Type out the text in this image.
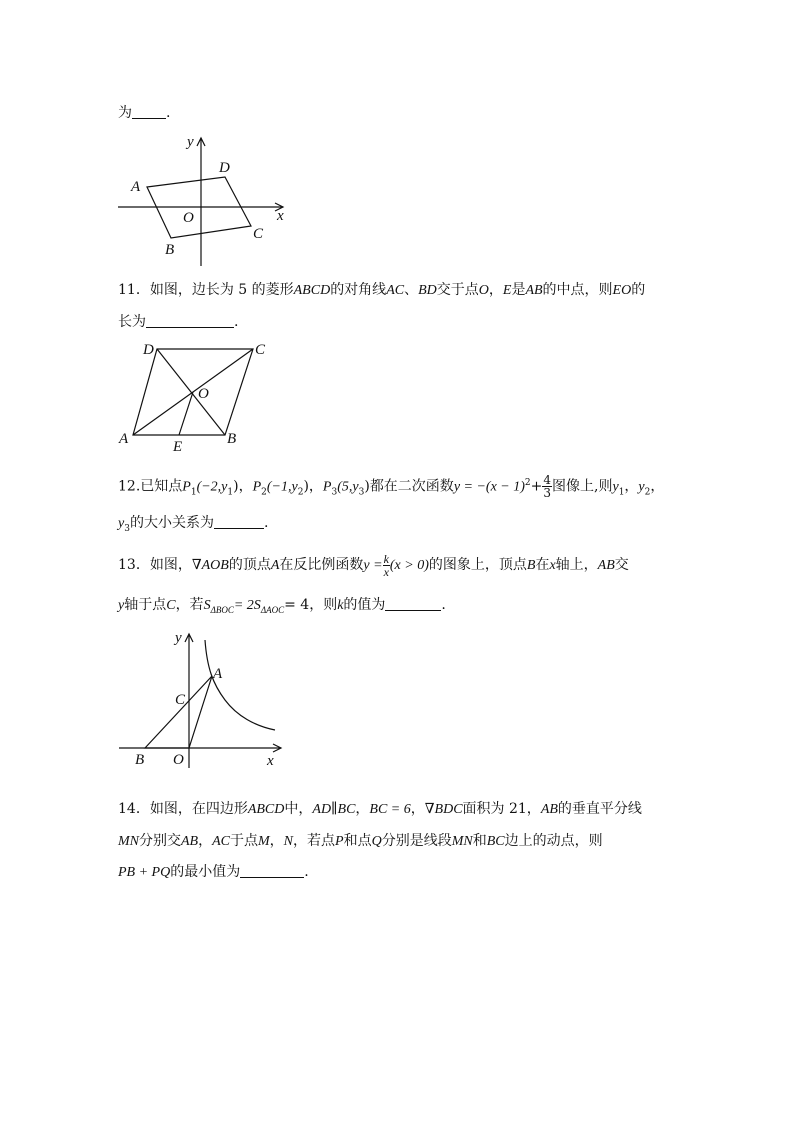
为 .
y
x
O
A
D
C
B
11．如图，边长为 5 的菱形ABCD的对角线AC、BD交于点O，E是AB的中点，则EO的
长为	.
A	B
C
D
O
E
12.已知点$P_1(-2,y_1)$，$P_2(-1,y_2)$，$P_3(5,y_3)$都在二次函数$y = -(x - 1)^2+ \frac{4}{3}$ 图像上,则$y_1$，$y_2$，
$y_3$的大小关系为	.
13．如图，∇AOB的顶点A在反比例函数$y = \frac{k}{x} (x > 0)$的图象上，顶点B在x轴上，AB交
y轴于点C，若$S_{\Delta BOC}= 2S_{\Delta AOC}= 4$，则k的值为	.
y
x
O
B
A
C
14．如图，在四边形ABCD中，AD∥BC，BC = 6，∇BDC面积为 21，AB的垂直平分线
MN分别交AB，AC于点M，N，若点P和点Q分别是线段MN和BC边上的动点，则
PB + PQ的最小值为	.
